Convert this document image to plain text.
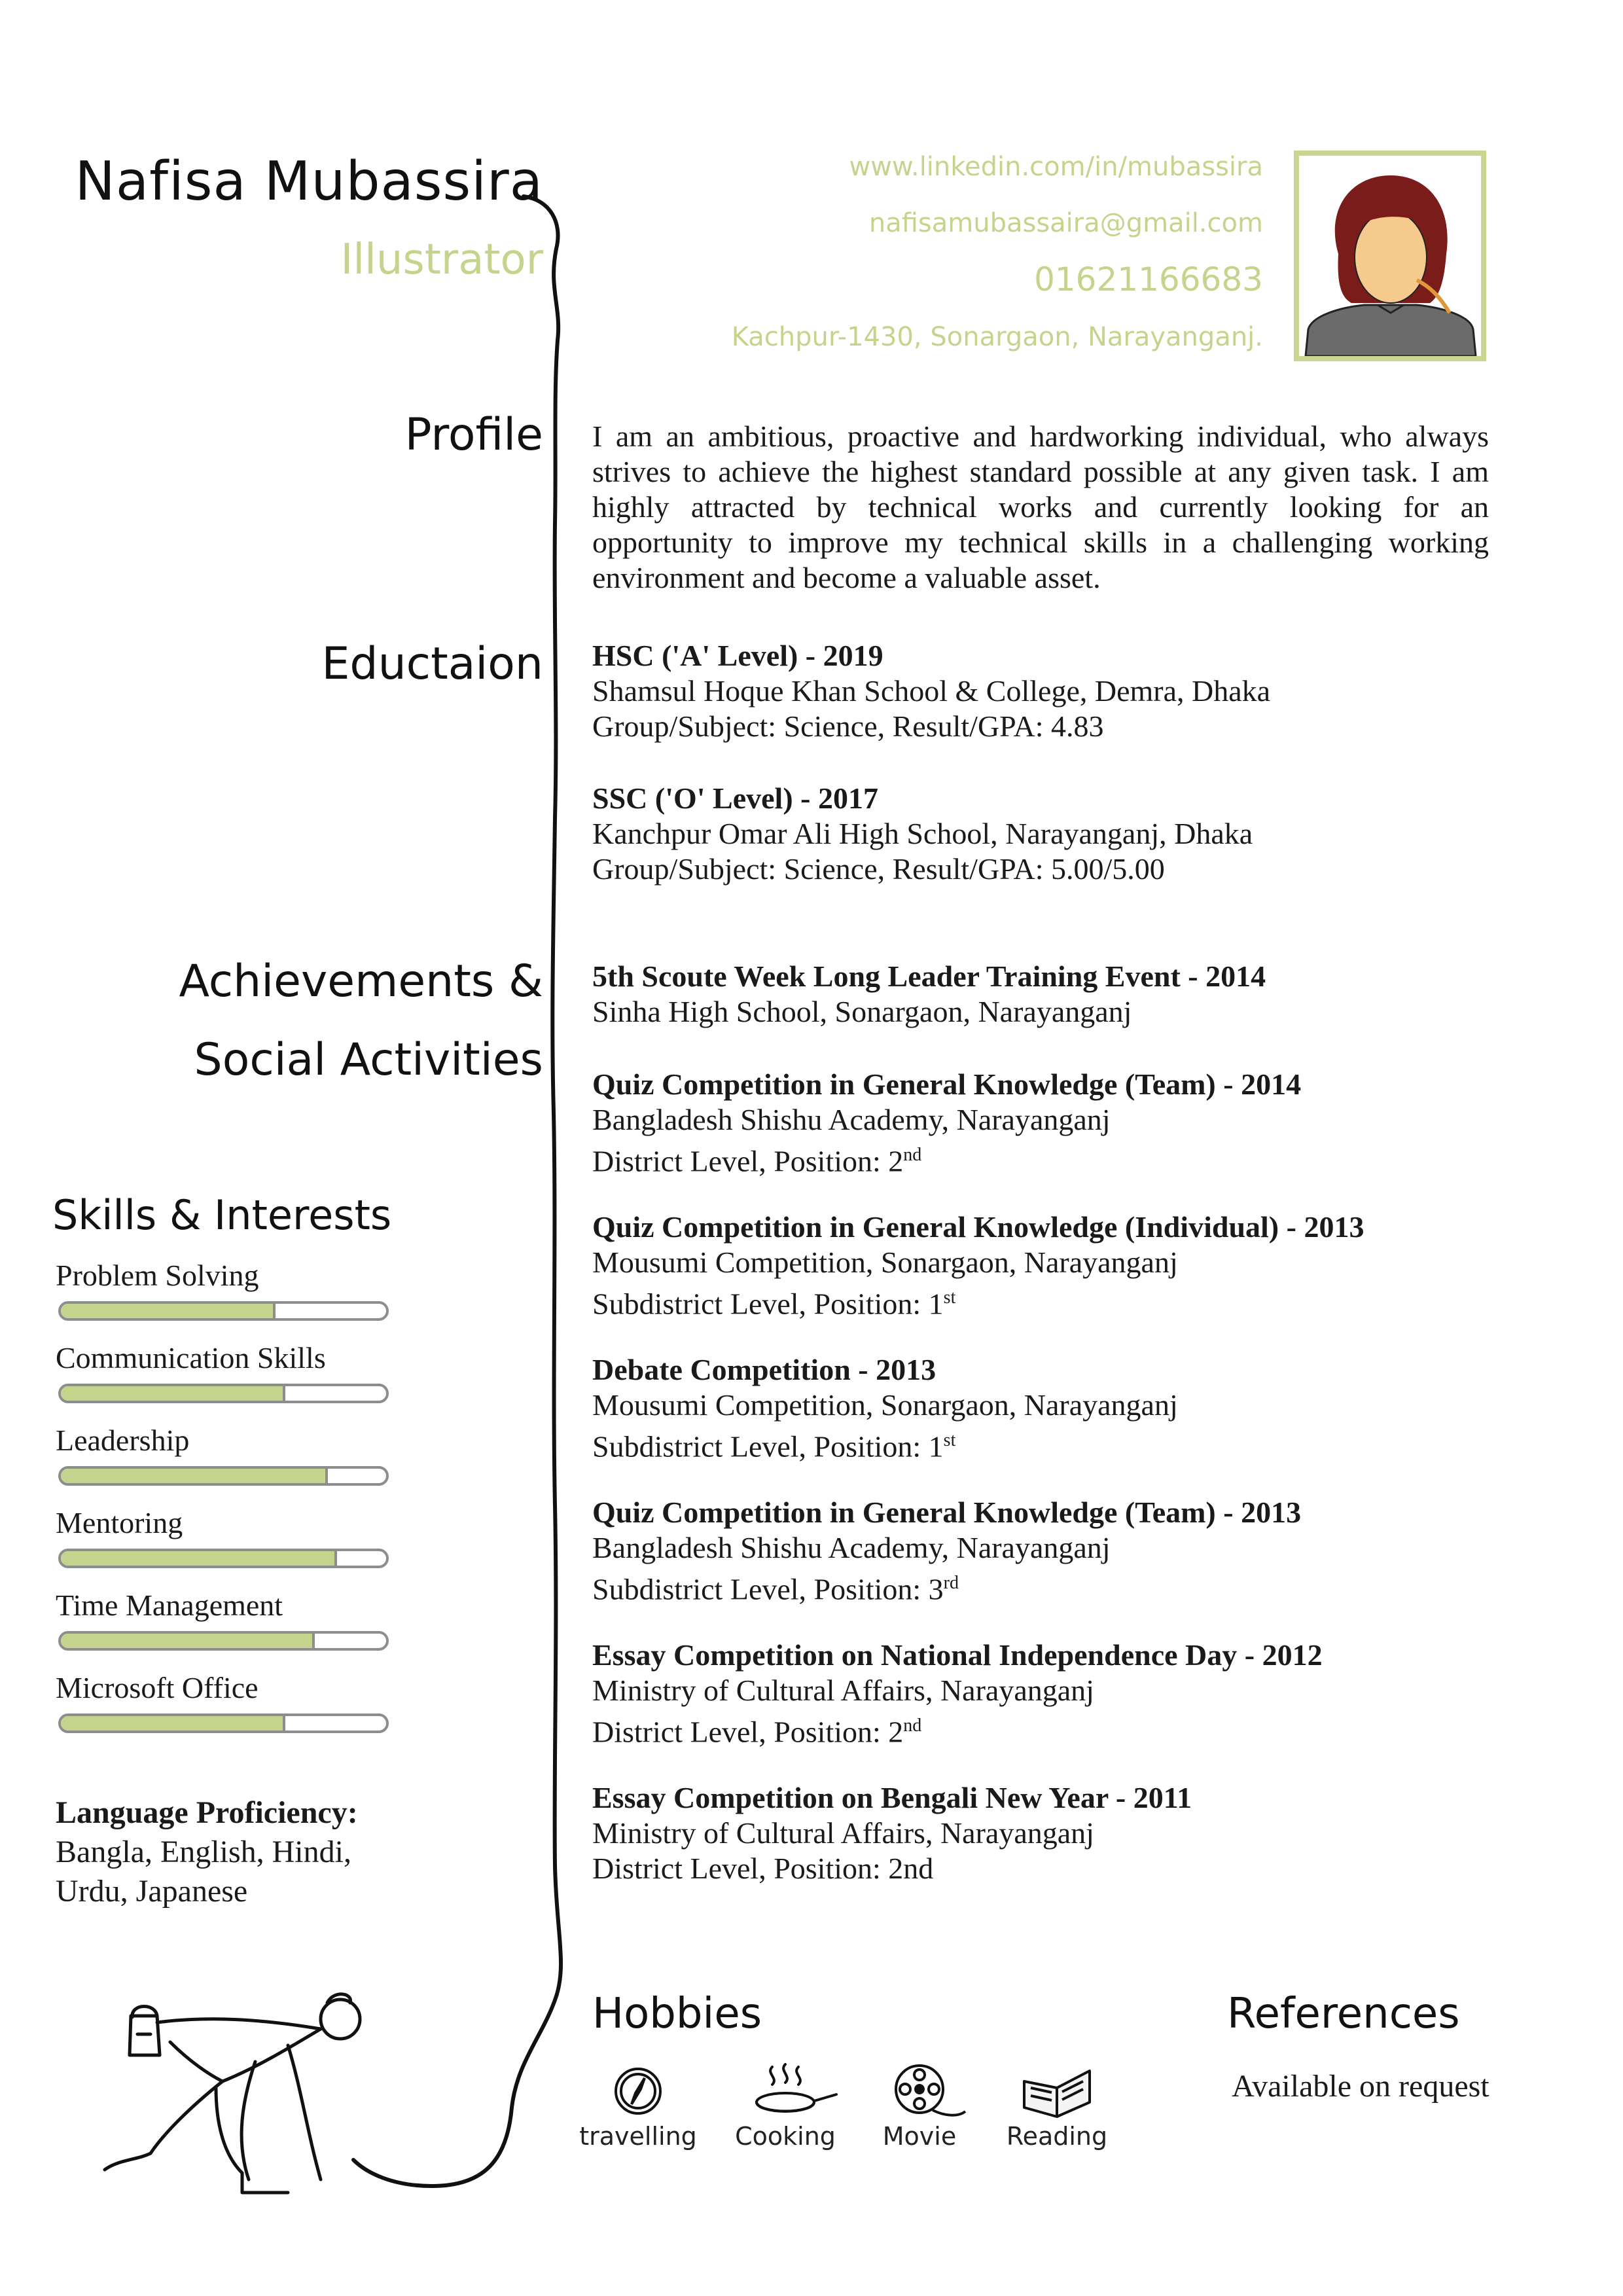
Nafisa Mubassira
Illustrator
www.linkedin.com/in/mubassira
nafisamubassaira@gmail.com
01621166683
Kachpur-1430, Sonargaon, Narayanganj.
Profile I am an ambitious, proactive and hardworking individual, who always strives to achieve the highest standard possible at any given task. I am highly attracted by technical works and currently looking for an opportunity to improve my technical skills in a challenging working environment and become a valuable asset.
Eductaion HSC ('A' Level) - 2019
Shamsul Hoque Khan School & College, Demra, Dhaka
Group/Subject: Science, Result/GPA: 4.83
SSC ('O' Level) - 2017
Kanchpur Omar Ali High School, Narayanganj, Dhaka
Group/Subject: Science, Result/GPA: 5.00/5.00
Achievements &
Social Activities
5th Scoute Week Long Leader Training Event - 2014
Sinha High School, Sonargaon, Narayanganj
Quiz Competition in General Knowledge (Team) - 2014
Bangladesh Shishu Academy, Narayanganj
District Level, Position: 2nd
Quiz Competition in General Knowledge (Individual) - 2013
Mousumi Competition, Sonargaon, Narayanganj
Subdistrict Level, Position: 1st
Debate Competition - 2013
Mousumi Competition, Sonargaon, Narayanganj
Subdistrict Level, Position: 1st
Quiz Competition in General Knowledge (Team) - 2013
Bangladesh Shishu Academy, Narayanganj
Subdistrict Level, Position: 3rd
Essay Competition on National Independence Day - 2012
Ministry of Cultural Affairs, Narayanganj
District Level, Position: 2nd
Essay Competition on Bengali New Year - 2011
Ministry of Cultural Affairs, Narayanganj
District Level, Position: 2nd
Skills & Interests
Problem Solving
Communication Skills
Leadership
Mentoring
Time Management
Microsoft Office
Language Proficiency:
Bangla, English, Hindi,
Urdu, Japanese
Hobbies
travelling	Cooking	Movie	Reading
References
Available on request
